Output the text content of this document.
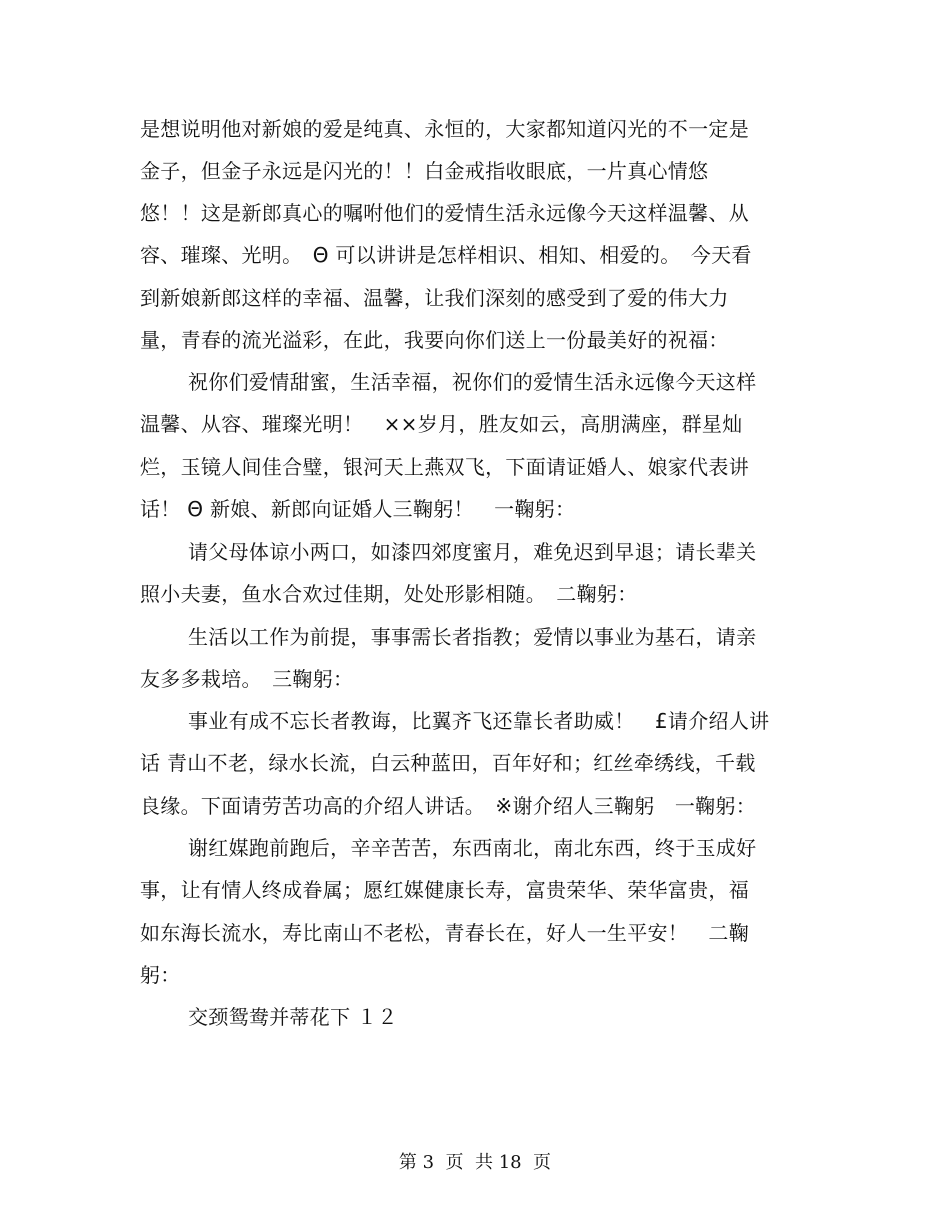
是想说明他对新娘的爱是纯真、永恒的，大家都知道闪光的不一定是
金子，但金子永远是闪光的！！白金戒指收眼底，一片真心情悠
悠！！这是新郎真心的嘱咐他们的爱情生活永远像今天这样温馨、从
容、璀璨、光明。　Θ 可以讲讲是怎样相识、相知、相爱的。　今天看
到新娘新郎这样的幸福、温馨，让我们深刻的感受到了爱的伟大力
量，青春的流光溢彩，在此，我要向你们送上一份最美好的祝福：
祝你们爱情甜蜜，生活幸福，祝你们的爱情生活永远像今天这样
温馨、从容、璀璨光明！　××岁月，胜友如云，高朋满座，群星灿
烂，玉镜人间佳合璧，银河天上燕双飞，下面请证婚人、娘家代表讲
话！ Θ 新娘、新郎向证婚人三鞠躬！　一鞠躬：
请父母体谅小两口，如漆四郊度蜜月，难免迟到早退；请长辈关
照小夫妻，鱼水合欢过佳期，处处形影相随。　二鞠躬：
生活以工作为前提，事事需长者指教；爱情以事业为基石，请亲
友多多栽培。　三鞠躬：
事业有成不忘长者教诲，比翼齐飞还靠长者助威！　£请介绍人讲
话 青山不老，绿水长流，白云种蓝田，百年好和；红丝牵绣线，千载
良缘。下面请劳苦功高的介绍人讲话。　※谢介绍人三鞠躬　一鞠躬：
谢红媒跑前跑后，辛辛苦苦，东西南北，南北东西，终于玉成好
事，让有情人终成眷属；愿红媒健康长寿，富贵荣华、荣华富贵，福
如东海长流水，寿比南山不老松，青春长在，好人一生平安！　二鞠
躬：
交颈鸳鸯并蒂花下 １２
第 3  页  共 18  页
